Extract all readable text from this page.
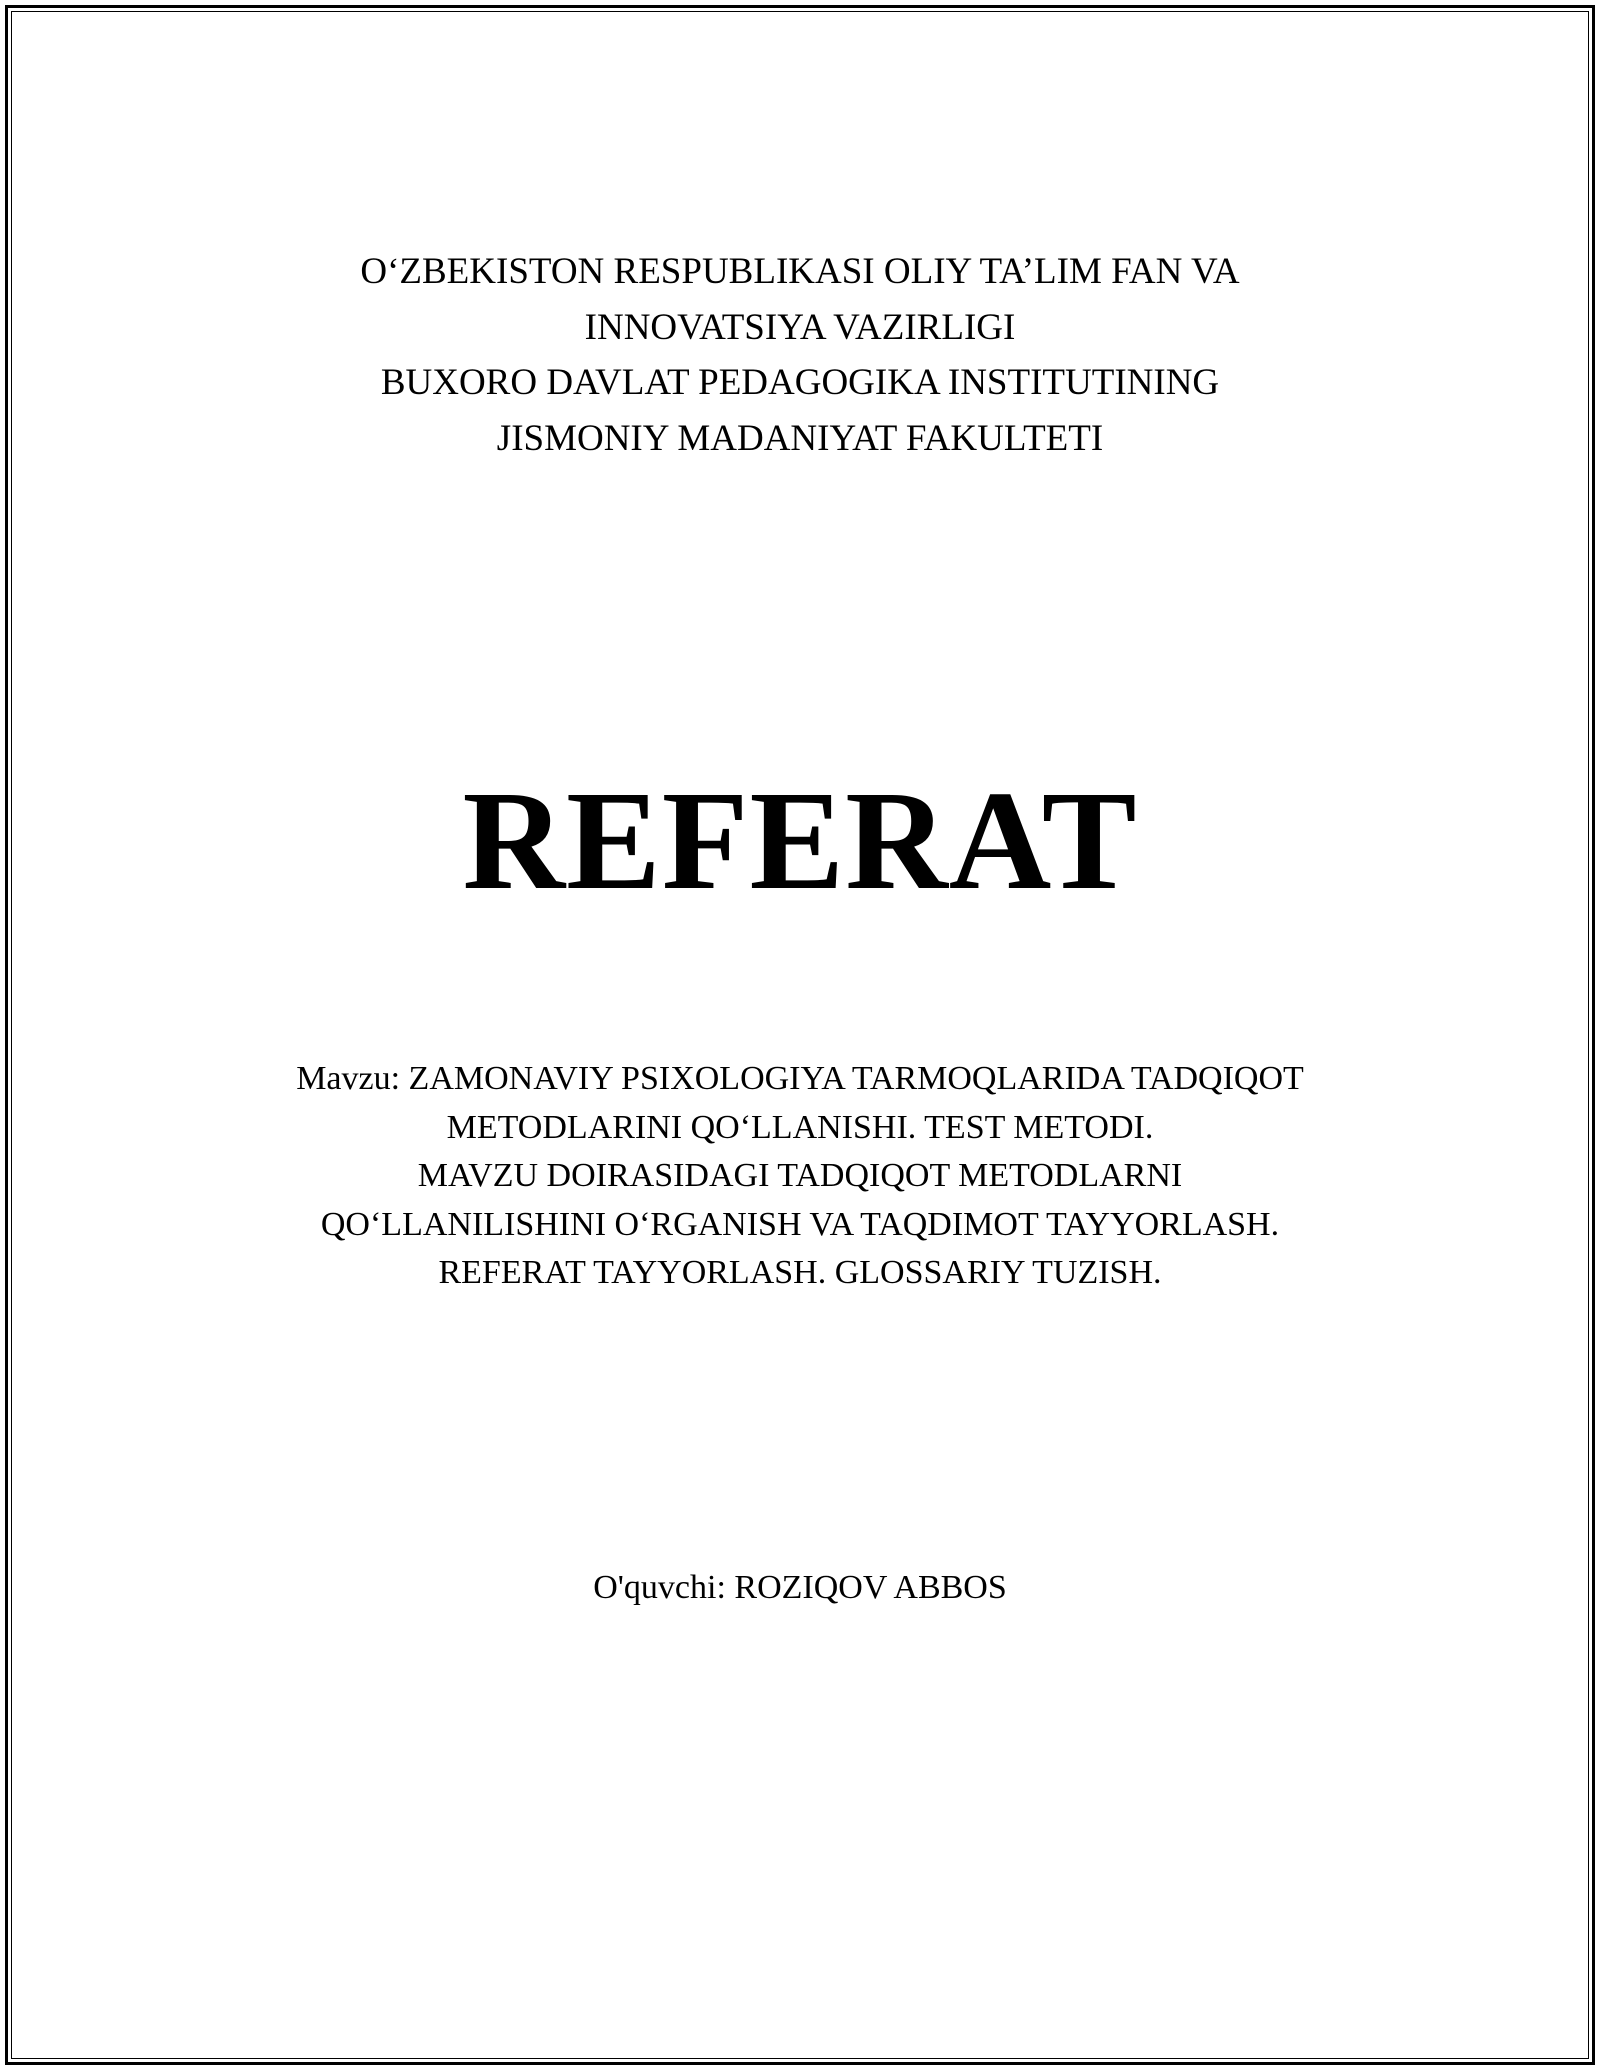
O‘ZBEKISTON RESPUBLIKASI OLIY TA’LIM FAN VA
INNOVATSIYA VAZIRLIGI
BUXORO DAVLAT PEDAGOGIKA INSTITUTINING
JISMONIY MADANIYAT FAKULTETI
REFERAT
Mavzu: ZAMONAVIY PSIXOLOGIYA TARMOQLARIDA TADQIQOT
METODLARINI QO‘LLANISHI. TEST METODI.
MAVZU DOIRASIDAGI TADQIQOT METODLARNI
QO‘LLANILISHINI O‘RGANISH VA TAQDIMOT TAYYORLASH.
REFERAT TAYYORLASH. GLOSSARIY TUZISH.
O'quvchi: ROZIQOV ABBOS
